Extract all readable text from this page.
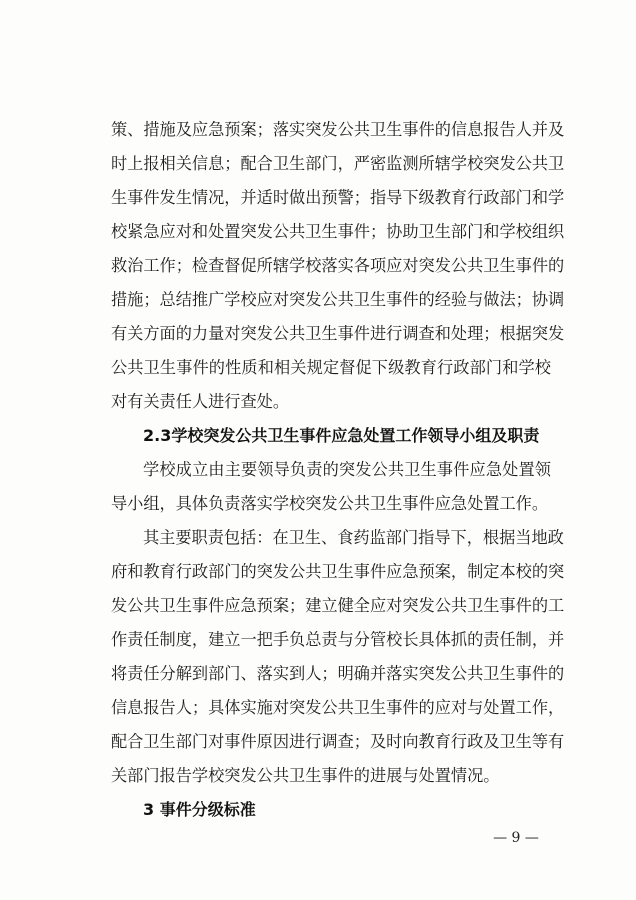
策、措施及应急预案；落实突发公共卫生事件的信息报告人并及
时上报相关信息；配合卫生部门，严密监测所辖学校突发公共卫
生事件发生情况，并适时做出预警；指导下级教育行政部门和学
校紧急应对和处置突发公共卫生事件；协助卫生部门和学校组织
救治工作；检查督促所辖学校落实各项应对突发公共卫生事件的
措施；总结推广学校应对突发公共卫生事件的经验与做法；协调
有关方面的力量对突发公共卫生事件进行调查和处理；根据突发
公共卫生事件的性质和相关规定督促下级教育行政部门和学校
对有关责任人进行查处。
2.3学校突发公共卫生事件应急处置工作领导小组及职责
学校成立由主要领导负责的突发公共卫生事件应急处置领
导小组，具体负责落实学校突发公共卫生事件应急处置工作。
其主要职责包括：在卫生、食药监部门指导下，根据当地政
府和教育行政部门的突发公共卫生事件应急预案，制定本校的突
发公共卫生事件应急预案；建立健全应对突发公共卫生事件的工
作责任制度，建立一把手负总责与分管校长具体抓的责任制，并
将责任分解到部门、落实到人；明确并落实突发公共卫生事件的
信息报告人；具体实施对突发公共卫生事件的应对与处置工作，
配合卫生部门对事件原因进行调查；及时向教育行政及卫生等有
关部门报告学校突发公共卫生事件的进展与处置情况。
3 事件分级标准
— 9 —
